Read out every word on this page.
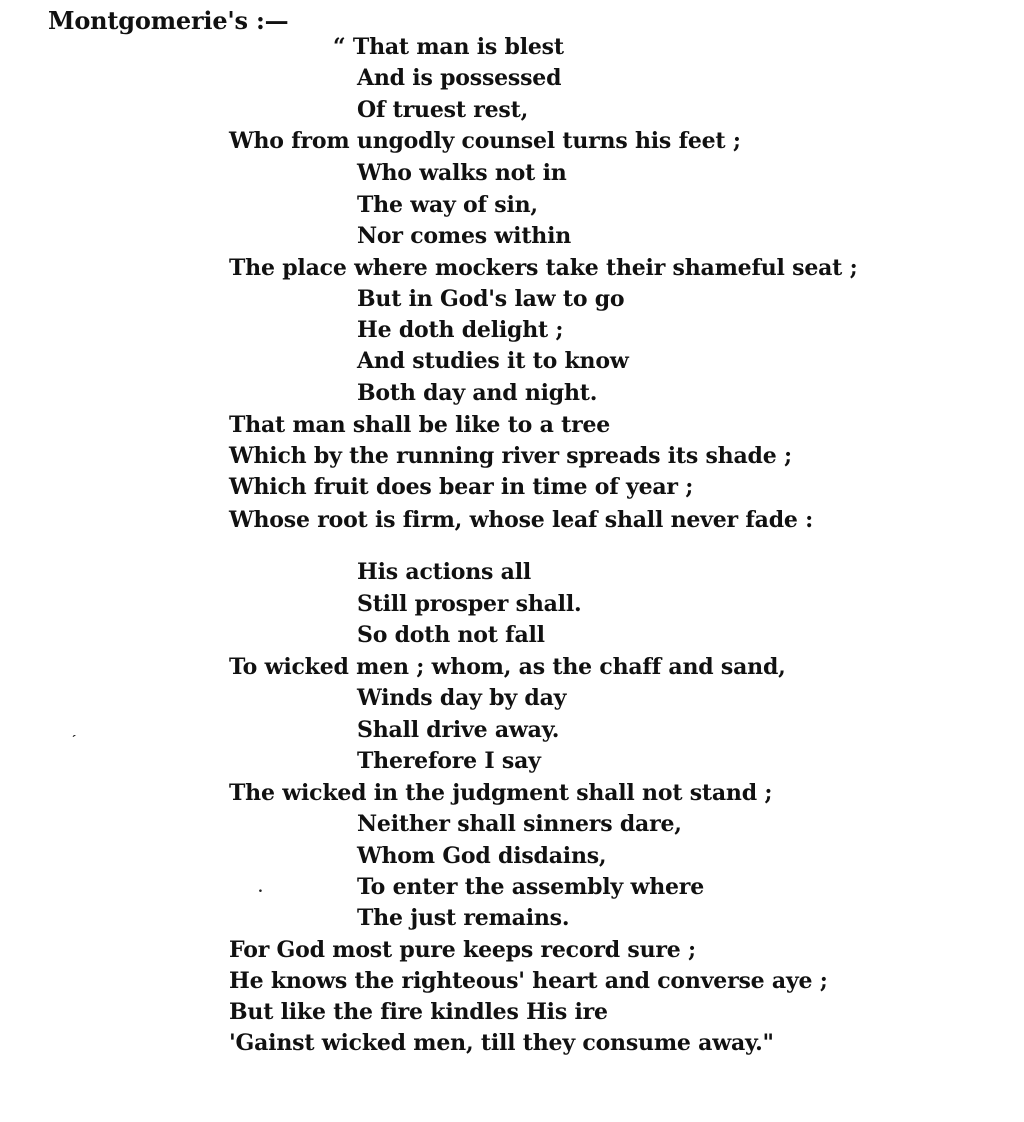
Montgomerie's :—
“ That man is blest
And is possessed
Of truest rest,
Who from ungodly counsel turns his feet ;
Who walks not in
The way of sin,
Nor comes within
The place where mockers take their shameful seat ;
But in God's law to go
He doth delight ;
And studies it to know
Both day and night.
That man shall be like to a tree
Which by the running river spreads its shade ;
Which fruit does bear in time of year ;
Whose root is firm, whose leaf shall never fade :
His actions all
Still prosper shall.
So doth not fall
To wicked men ; whom, as the chaff and sand,
Winds day by day
Shall drive away.
Therefore I say
The wicked in the judgment shall not stand ;
Neither shall sinners dare,
Whom God disdains,
To enter the assembly where
The just remains.
For God most pure keeps record sure ;
He knows the righteous' heart and converse aye ;
But like the fire kindles His ire
'Gainst wicked men, till they consume away."
ˏ
.
